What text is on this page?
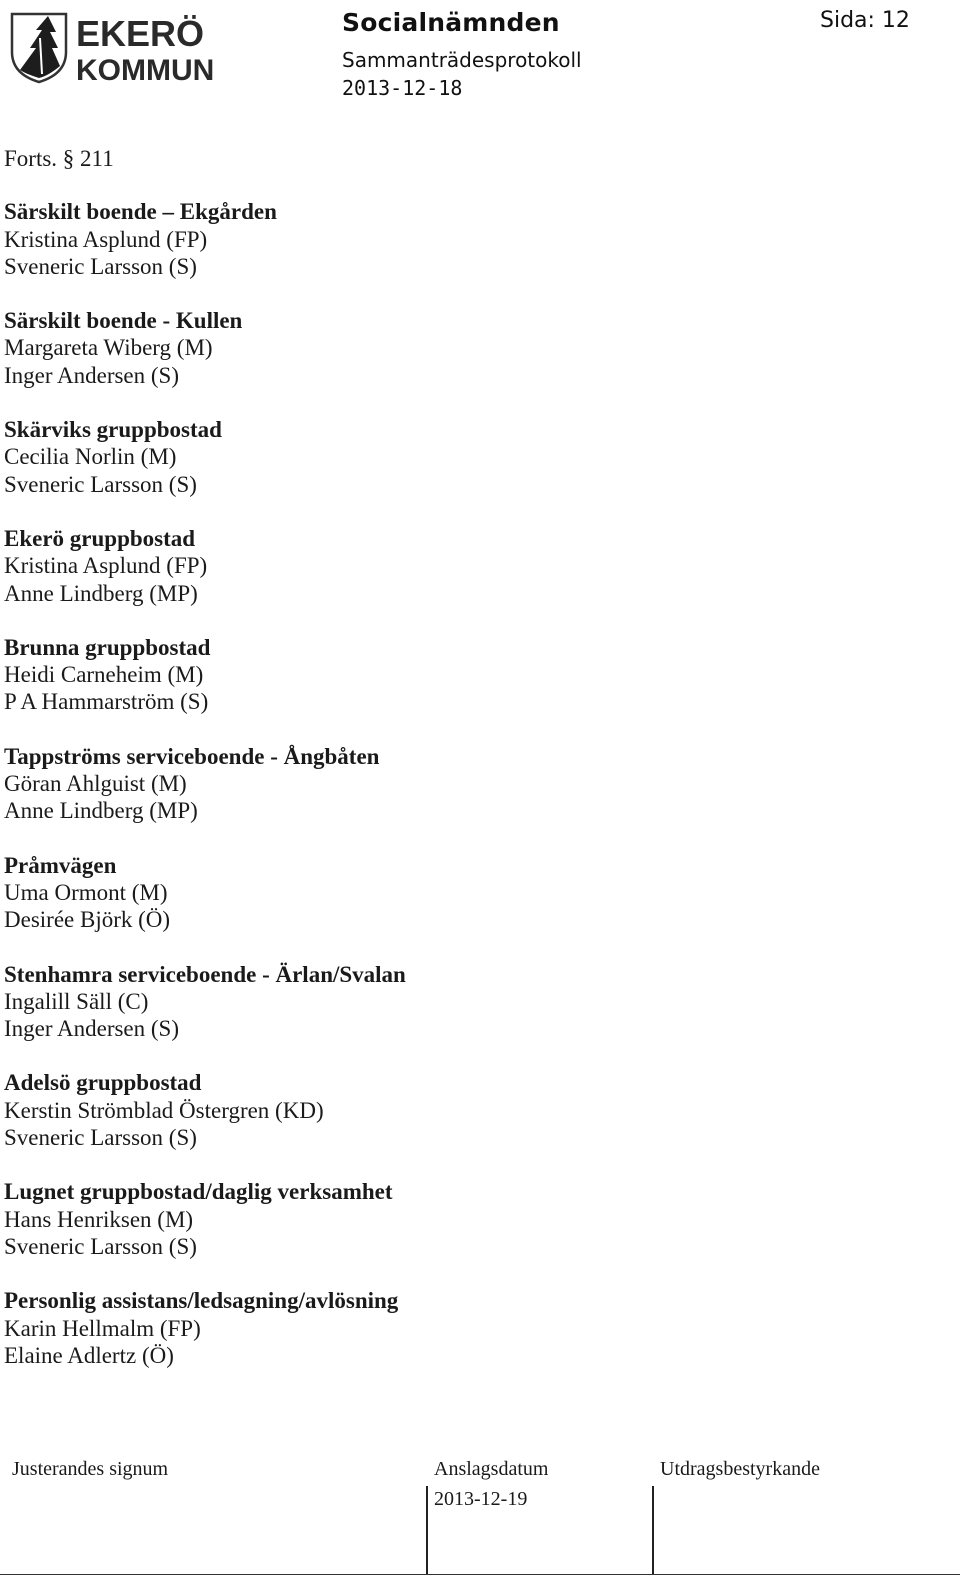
EKERÖ
KOMMUN
Socialnämnden
Sammanträdesprotokoll
2013-12-18
Sida: 12
Forts. § 211
Särskilt boende – Ekgården
Kristina Asplund (FP)
Sveneric Larsson (S)
Särskilt boende - Kullen
Margareta Wiberg (M)
Inger Andersen (S)
Skärviks gruppbostad
Cecilia Norlin (M)
Sveneric Larsson (S)
Ekerö gruppbostad
Kristina Asplund (FP)
Anne Lindberg (MP)
Brunna gruppbostad
Heidi Carneheim (M)
P A Hammarström (S)
Tappströms serviceboende - Ångbåten
Göran Ahlguist (M)
Anne Lindberg (MP)
Pråmvägen
Uma Ormont (M)
Desirée Björk (Ö)
Stenhamra serviceboende - Ärlan/Svalan
Ingalill Säll (C)
Inger Andersen (S)
Adelsö gruppbostad
Kerstin Strömblad Östergren (KD)
Sveneric Larsson (S)
Lugnet gruppbostad/daglig verksamhet
Hans Henriksen (M)
Sveneric Larsson (S)
Personlig assistans/ledsagning/avlösning
Karin Hellmalm (FP)
Elaine Adlertz (Ö)
Justerandes signum	Anslagsdatum	Utdragsbestyrkande
2013-12-19
